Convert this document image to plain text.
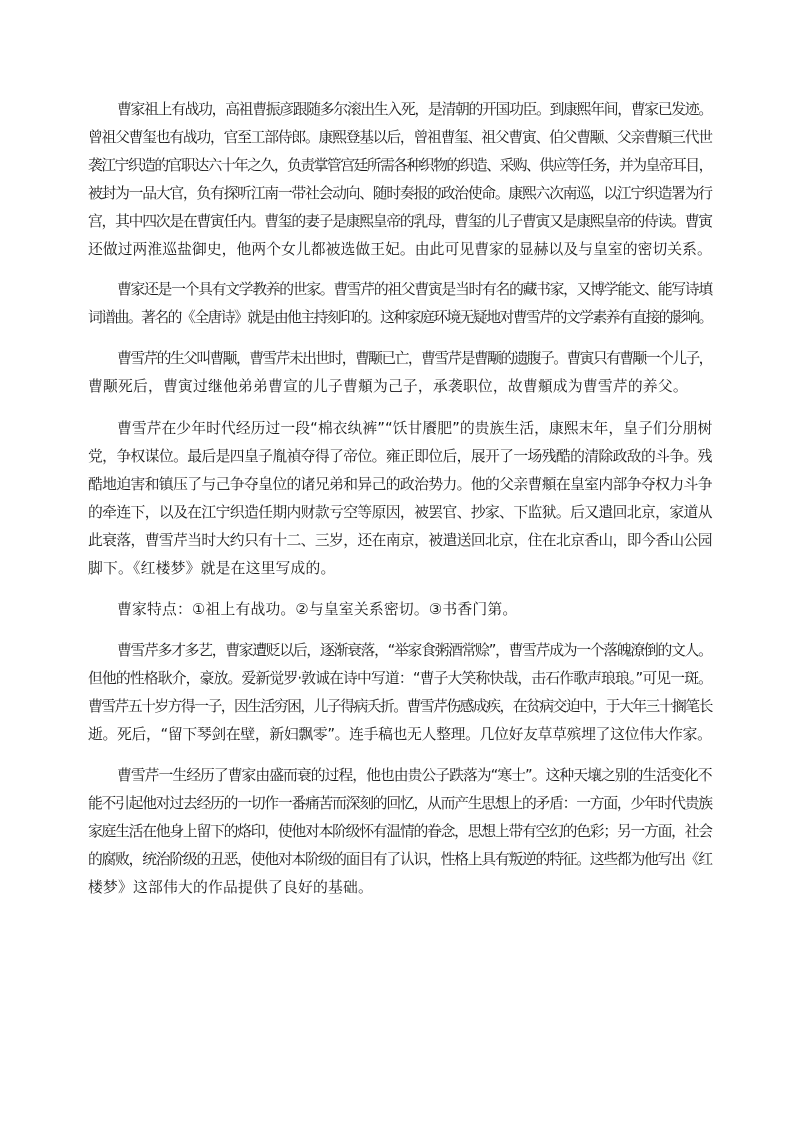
曹家祖上有战功，高祖曹振彦跟随多尔滚出生入死，是清朝的开国功臣。到康熙年间，曹家已发迹。
曾祖父曹玺也有战功，官至工部侍郎。康熙登基以后，曾祖曹玺、祖父曹寅、伯父曹颙、父亲曹頫三代世
袭江宁织造的官职达六十年之久，负责掌管宫廷所需各种织物的织造、采购、供应等任务，并为皇帝耳目，
被封为一品大官，负有探听江南一带社会动向、随时奏报的政治使命。康熙六次南巡，以江宁织造署为行
宫，其中四次是在曹寅任内。曹玺的妻子是康熙皇帝的乳母，曹玺的儿子曹寅又是康熙皇帝的侍读。曹寅
还做过两淮巡盐御史，他两个女儿都被选做王妃。由此可见曹家的显赫以及与皇室的密切关系。
曹家还是一个具有文学教养的世家。曹雪芹的祖父曹寅是当时有名的藏书家，又博学能文、能写诗填
词谱曲。著名的《全唐诗》就是由他主持刻印的。这种家庭环境无疑地对曹雪芹的文学素养有直接的影响。
曹雪芹的生父叫曹颙，曹雪芹未出世时，曹颙已亡，曹雪芹是曹颙的遗腹子。曹寅只有曹颙一个儿子，
曹颙死后，曹寅过继他弟弟曹宣的儿子曹頫为己子，承袭职位，故曹頫成为曹雪芹的养父。
曹雪芹在少年时代经历过一段“棉衣纨裤”“饫甘餍肥”的贵族生活，康熙末年，皇子们分朋树
党，争权谋位。最后是四皇子胤禎夺得了帝位。雍正即位后，展开了一场残酷的清除政敌的斗争。残
酷地迫害和镇压了与己争夺皇位的诸兄弟和异己的政治势力。他的父亲曹頫在皇室内部争夺权力斗争
的牵连下，以及在江宁织造任期内财款亏空等原因，被罢官、抄家、下监狱。后又遣回北京，家道从
此衰落，曹雪芹当时大约只有十二、三岁，还在南京，被遣送回北京，住在北京香山，即今香山公园
脚下。《红楼梦》就是在这里写成的。
曹家特点：①祖上有战功。②与皇室关系密切。③书香门第。
曹雪芹多才多艺，曹家遭贬以后，逐渐衰落，“举家食粥酒常赊”，曹雪芹成为一个落魄潦倒的文人。
但他的性格耿介，豪放。爱新觉罗·敦诚在诗中写道：“曹子大笑称快哉，击石作歌声琅琅。”可见一斑。
曹雪芹五十岁方得一子，因生活穷困，儿子得病夭折。曹雪芹伤感成疾，在贫病交迫中，于大年三十搁笔长
逝。死后，“留下琴剑在壁，新妇飘零”。连手稿也无人整理。几位好友草草殡埋了这位伟大作家。
曹雪芹一生经历了曹家由盛而衰的过程，他也由贵公子跌落为“寒士”。这种天壤之别的生活变化不
能不引起他对过去经历的一切作一番痛苦而深刻的回忆，从而产生思想上的矛盾：一方面，少年时代贵族
家庭生活在他身上留下的烙印，使他对本阶级怀有温情的眷念，思想上带有空幻的色彩；另一方面，社会
的腐败，统治阶级的丑恶，使他对本阶级的面目有了认识，性格上具有叛逆的特征。这些都为他写出《红
楼梦》这部伟大的作品提供了良好的基础。
